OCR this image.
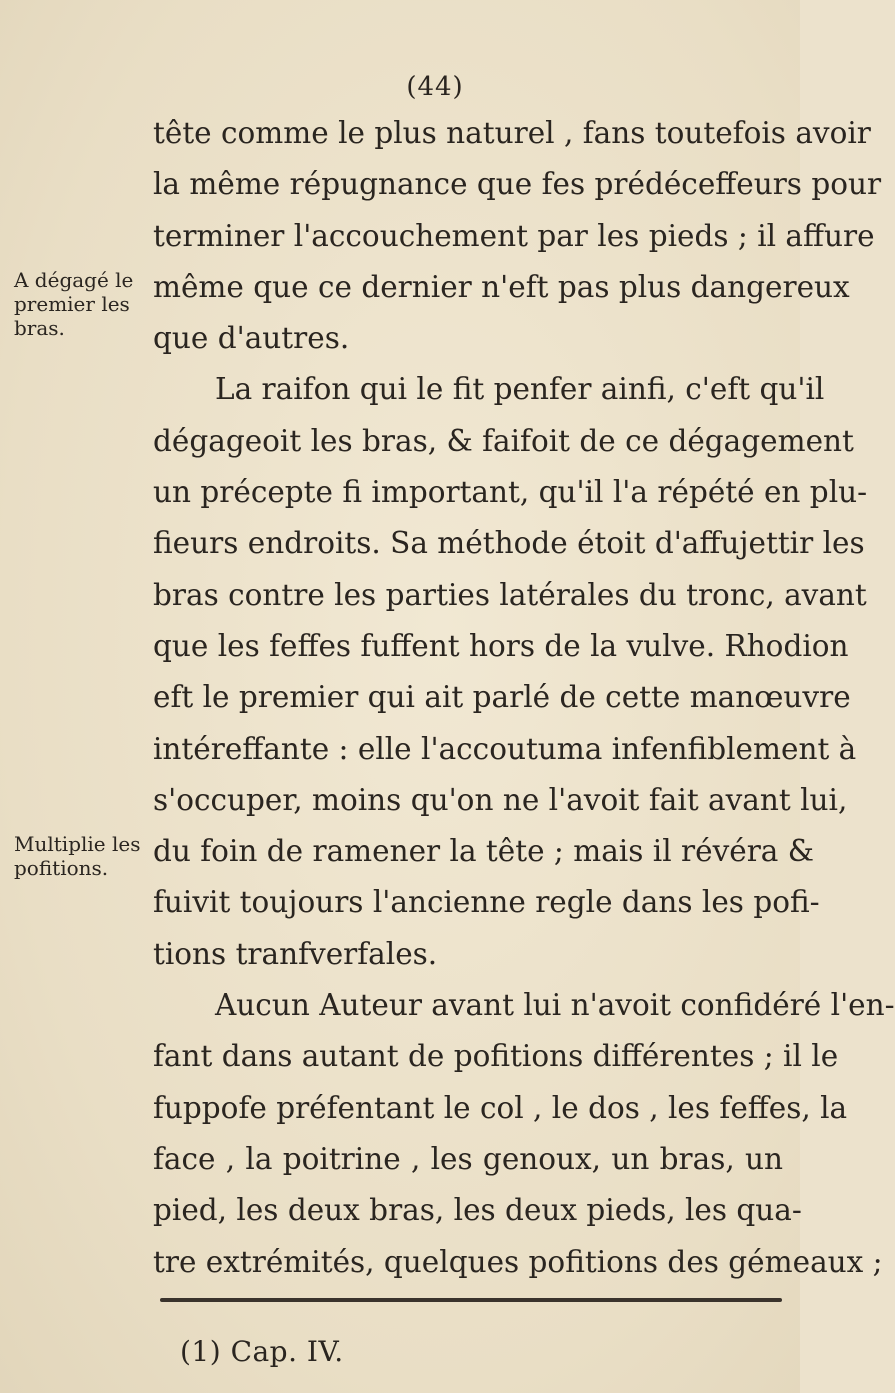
(44)
A dégagé le
premier les
bras.
Multiplie les
pofitions.

tête comme le plus naturel , fans toutefois avoir
la même répugnance que fes prédéceffeurs pour
terminer l'accouchement par les pieds ; il affure
même que ce dernier n'eft pas plus dangereux
que d'autres.

La raifon qui le fit penfer ainfi, c'eft qu'il
dégageoit les bras, & faifoit de ce dégagement
un précepte fi important, qu'il l'a répété en plu-
fieurs endroits. Sa méthode étoit d'affujettir les
bras contre les parties latérales du tronc, avant
que les feffes fuffent hors de la vulve. Rhodion
eft le premier qui ait parlé de cette manœuvre
intéreffante : elle l'accoutuma infenfiblement à
s'occuper, moins qu'on ne l'avoit fait avant lui,
du foin de ramener la tête ; mais il révéra &
fuivit toujours l'ancienne regle dans les pofi-
tions tranfverfales.

Aucun Auteur avant lui n'avoit confidéré l'en-
fant dans autant de pofitions différentes ; il le
fuppofe préfentant le col , le dos , les feffes, la
face , la poitrine , les genoux, un bras, un
pied, les deux bras, les deux pieds, les qua-
tre extrémités, quelques pofitions des gémeaux ;

(1) Cap. IV.
